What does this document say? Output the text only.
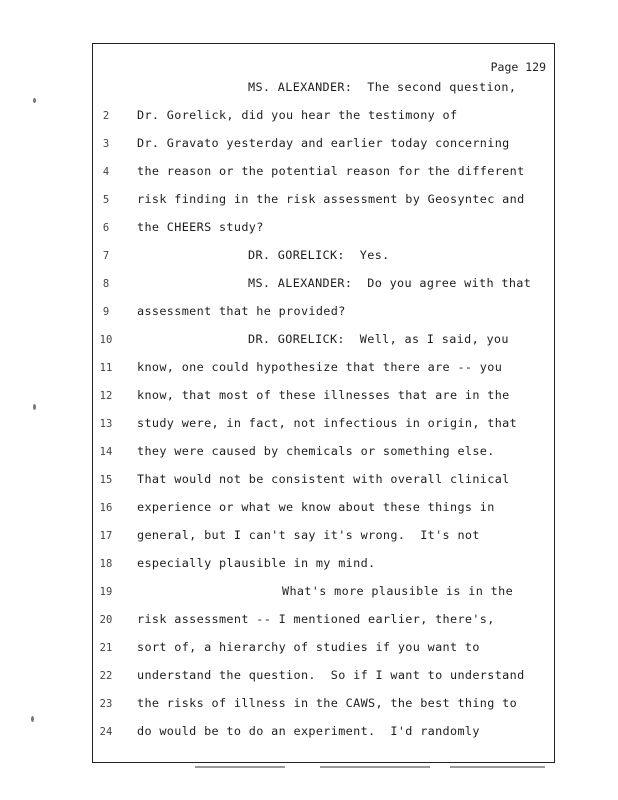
Page 129
MS. ALEXANDER:  The second question,
2	Dr. Gorelick, did you hear the testimony of
3	Dr. Gravato yesterday and earlier today concerning
4	the reason or the potential reason for the different
5	risk finding in the risk assessment by Geosyntec and
6	the CHEERS study?
7	DR. GORELICK:  Yes.
8	MS. ALEXANDER:  Do you agree with that
9	assessment that he provided?
10	DR. GORELICK:  Well, as I said, you
11	know, one could hypothesize that there are -- you
12	know, that most of these illnesses that are in the
13	study were, in fact, not infectious in origin, that
14	they were caused by chemicals or something else.
15	That would not be consistent with overall clinical
16	experience or what we know about these things in
17	general, but I can't say it's wrong.  It's not
18	especially plausible in my mind.
19	What's more plausible is in the
20	risk assessment -- I mentioned earlier, there's,
21	sort of, a hierarchy of studies if you want to
22	understand the question.  So if I want to understand
23	the risks of illness in the CAWS, the best thing to
24	do would be to do an experiment.  I'd randomly
